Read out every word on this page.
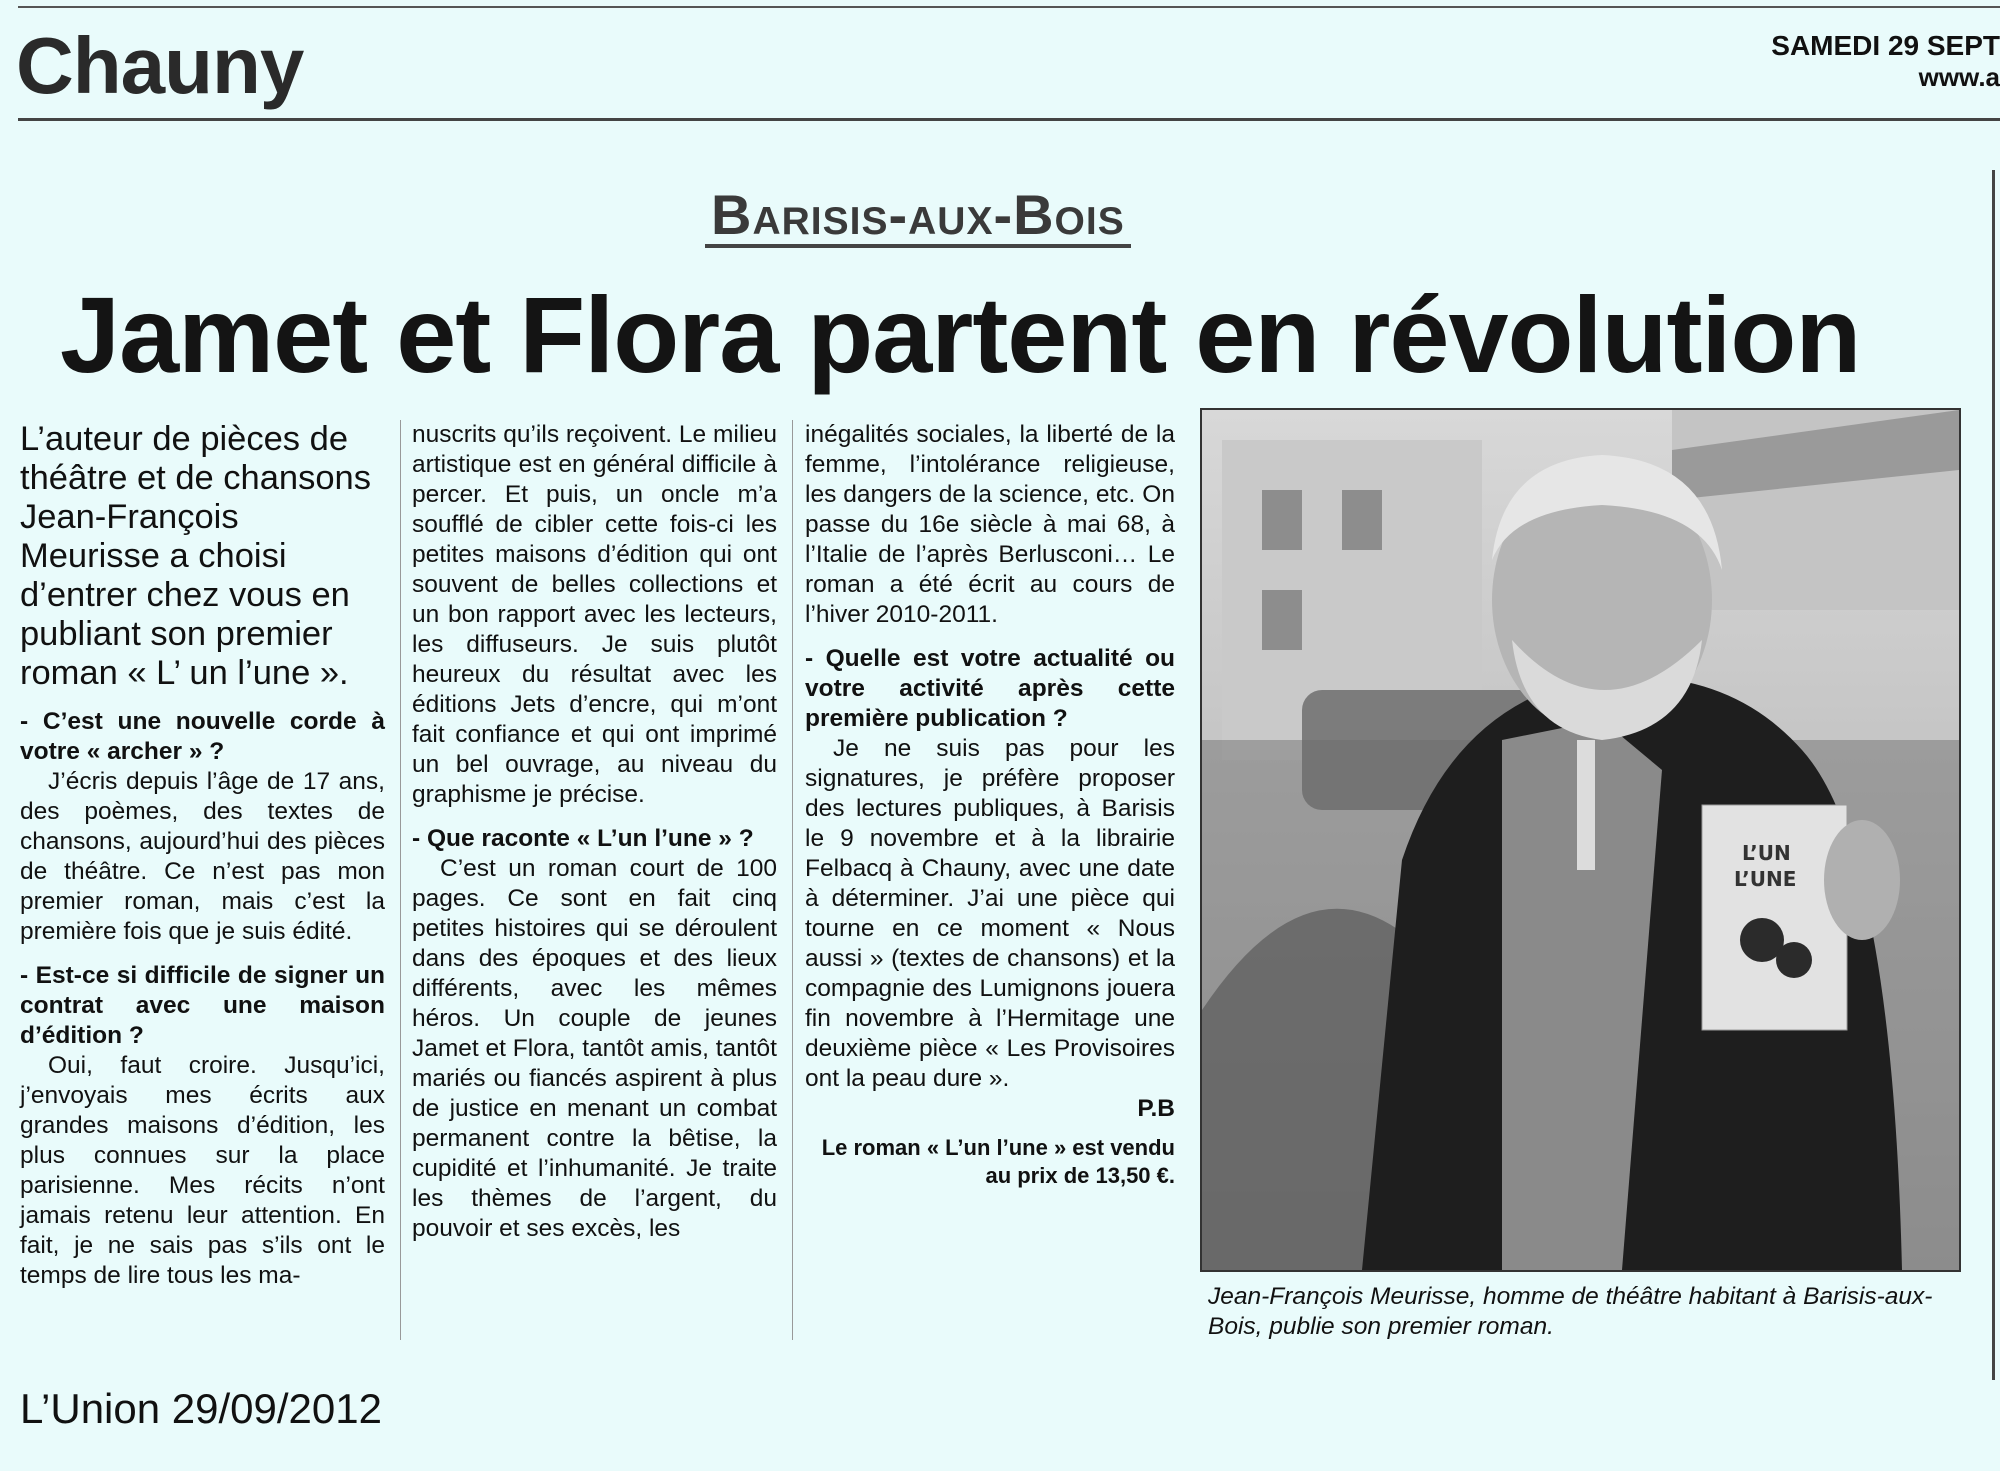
Chauny	SAMEDI 29 SEPT
www.a
Barisis-aux-Bois
Jamet et Flora partent en révolution

L’auteur de pièces de théâtre et de chansons Jean-François Meurisse a choisi d’entrer chez vous en publiant son premier roman « L’ un l’une ».

- C’est une nouvelle corde à votre « archer » ?

J’écris depuis l’âge de 17 ans, des poèmes, des textes de chansons, aujourd’hui des pièces de théâtre. Ce n’est pas mon premier roman, mais c’est la première fois que je suis édité.

- Est-ce si difficile de signer un contrat avec une maison d’édition ?

Oui, faut croire. Jusqu’ici, j’envoyais mes écrits aux grandes maisons d’édition, les plus connues sur la place parisienne. Mes récits n’ont jamais retenu leur attention. En fait, je ne sais pas s’ils ont le temps de lire tous les ma-

nuscrits qu’ils reçoivent. Le milieu artistique est en général difficile à percer. Et puis, un oncle m’a soufflé de cibler cette fois-ci les petites maisons d’édition qui ont souvent de belles collections et un bon rapport avec les lecteurs, les diffuseurs. Je suis plutôt heureux du résultat avec les éditions Jets d’encre, qui m’ont fait confiance et qui ont imprimé un bel ouvrage, au niveau du graphisme je précise.

- Que raconte « L’un l’une » ?

C’est un roman court de 100 pages. Ce sont en fait cinq petites histoires qui se déroulent dans des époques et des lieux différents, avec les mêmes héros. Un couple de jeunes Jamet et Flora, tantôt amis, tantôt mariés ou fiancés aspirent à plus de justice en menant un combat permanent contre la bêtise, la cupidité et l’inhumanité. Je traite les thèmes de l’argent, du pouvoir et ses excès, les

inégalités sociales, la liberté de la femme, l’intolérance religieuse, les dangers de la science, etc. On passe du 16e siècle à mai 68, à l’Italie de l’après Berlusconi… Le roman a été écrit au cours de l’hiver 2010-2011.

- Quelle est votre actualité ou votre activité après cette première publication ?

Je ne suis pas pour les signatures, je préfère proposer des lectures publiques, à Barisis le 9 novembre et à la librairie Felbacq à Chauny, avec une date à déterminer. J’ai une pièce qui tourne en ce moment « Nous aussi » (textes de chansons) et la compagnie des Lumignons jouera fin novembre à l’Hermitage une deuxième pièce « Les Provisoires ont la peau dure ».

P.B

Le roman « L’un l’une » est vendu au prix de 13,50 €.

L’UN
L’UNE
Jean-François Meurisse, homme de théâtre habitant à Barisis-aux-Bois, publie son premier roman.
L’Union 29/09/2012
